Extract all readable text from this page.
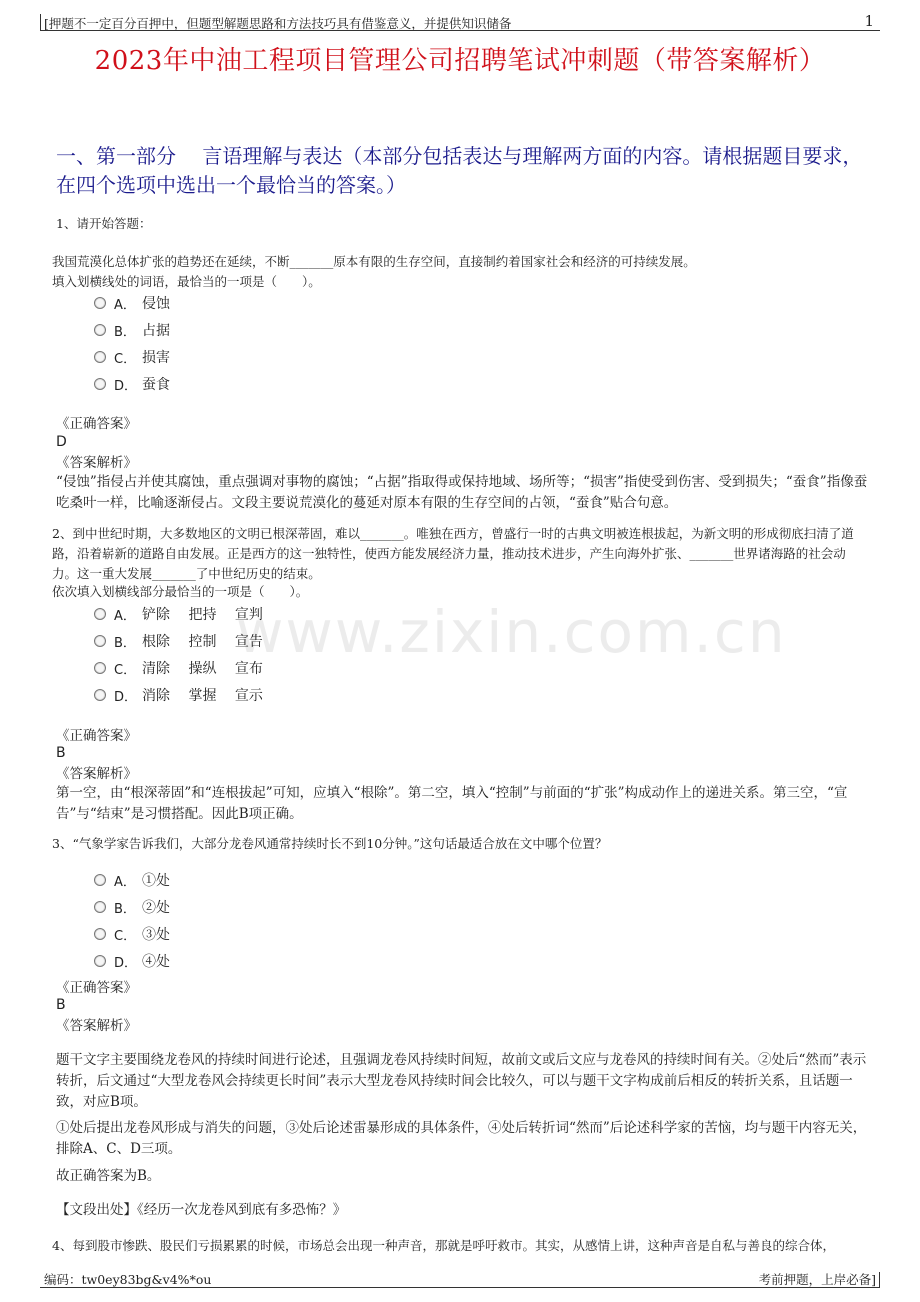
[押题不一定百分百押中，但题型解题思路和方法技巧具有借鉴意义，并提供知识储备	1
2023年中油工程项目管理公司招聘笔试冲刺题（带答案解析）
一、第一部分　 言语理解与表达（本部分包括表达与理解两方面的内容。请根据题目要求，在四个选项中选出一个最恰当的答案。）
www.zixin.com.cn
1、请开始答题：
我国荒漠化总体扩张的趋势还在延续，不断_______原本有限的生存空间，直接制约着国家社会和经济的可持续发展。
填入划横线处的词语，最恰当的一项是（　　）。
A． 侵蚀
B． 占据
C． 损害
D． 蚕食
《正确答案》
D
《答案解析》
“侵蚀”指侵占并使其腐蚀，重点强调对事物的腐蚀；“占据”指取得或保持地域、场所等；“损害”指使受到伤害、受到损失；“蚕食”指像蚕吃桑叶一样，比喻逐渐侵占。文段主要说荒漠化的蔓延对原本有限的生存空间的占领，“蚕食”贴合句意。
2、到中世纪时期，大多数地区的文明已根深蒂固，难以_______。唯独在西方，曾盛行一时的古典文明被连根拔起，为新文明的形成彻底扫清了道路，沿着崭新的道路自由发展。正是西方的这一独特性，使西方能发展经济力量，推动技术进步，产生向海外扩张、_______世界诸海路的社会动力。这一重大发展_______了中世纪历史的结束。
依次填入划横线部分最恰当的一项是（　　）。
A． 铲除　 把持　 宣判
B． 根除　 控制　 宣告
C． 清除　 操纵　 宣布
D． 消除　 掌握　 宣示
《正确答案》
B
《答案解析》
第一空，由“根深蒂固”和“连根拔起”可知，应填入“根除”。第二空，填入“控制”与前面的“扩张”构成动作上的递进关系。第三空，“宣告”与“结束”是习惯搭配。因此B项正确。
3、“气象学家告诉我们，大部分龙卷风通常持续时长不到10分钟。”这句话最适合放在文中哪个位置？
A． ①处
B． ②处
C． ③处
D． ④处
《正确答案》
B
《答案解析》
题干文字主要围绕龙卷风的持续时间进行论述，且强调龙卷风持续时间短，故前文或后文应与龙卷风的持续时间有关。②处后“然而”表示转折，后文通过“大型龙卷风会持续更长时间”表示大型龙卷风持续时间会比较久，可以与题干文字构成前后相反的转折关系，且话题一致，对应B项。
①处后提出龙卷风形成与消失的问题，③处后论述雷暴形成的具体条件，④处后转折词“然而”后论述科学家的苦恼，均与题干内容无关，排除A、C、D三项。
故正确答案为B。
【文段出处】《经历一次龙卷风到底有多恐怖？》
4、每到股市惨跌、股民们亏损累累的时候，市场总会出现一种声音，那就是呼吁救市。其实，从感情上讲，这种声音是自私与善良的综合体，
编码：tw0ey83bg&v4%*ou	考前押题，上岸必备]
